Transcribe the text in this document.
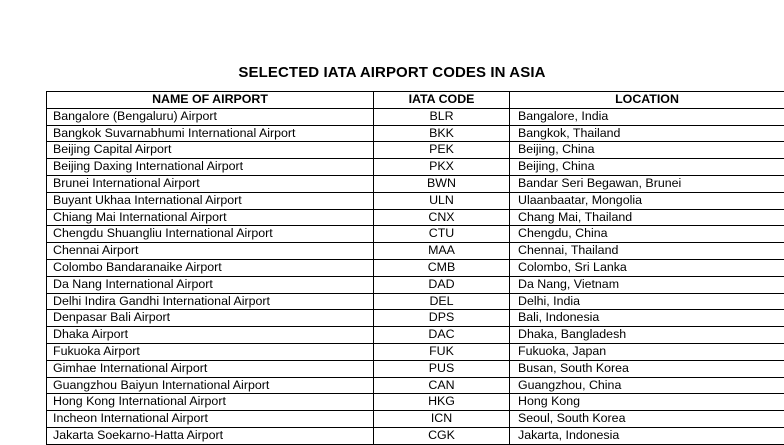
SELECTED IATA AIRPORT CODES IN ASIA
NAME OF AIRPORT	IATA CODE	LOCATION
Bangalore (Bengaluru) Airport	BLR	Bangalore, India
Bangkok Suvarnabhumi International Airport	BKK	Bangkok, Thailand
Beijing Capital Airport	PEK	Beijing, China
Beijing Daxing International Airport	PKX	Beijing, China
Brunei International Airport	BWN	Bandar Seri Begawan, Brunei
Buyant Ukhaa International Airport	ULN	Ulaanbaatar, Mongolia
Chiang Mai International Airport	CNX	Chang Mai, Thailand
Chengdu Shuangliu International Airport	CTU	Chengdu, China
Chennai Airport	MAA	Chennai, Thailand
Colombo Bandaranaike Airport	CMB	Colombo, Sri Lanka
Da Nang International Airport	DAD	Da Nang, Vietnam
Delhi Indira Gandhi International Airport	DEL	Delhi, India
Denpasar Bali Airport	DPS	Bali, Indonesia
Dhaka Airport	DAC	Dhaka, Bangladesh
Fukuoka Airport	FUK	Fukuoka, Japan
Gimhae International Airport	PUS	Busan, South Korea
Guangzhou Baiyun International Airport	CAN	Guangzhou, China
Hong Kong International Airport	HKG	Hong Kong
Incheon International Airport	ICN	Seoul, South Korea
Jakarta Soekarno-Hatta Airport	CGK	Jakarta, Indonesia
